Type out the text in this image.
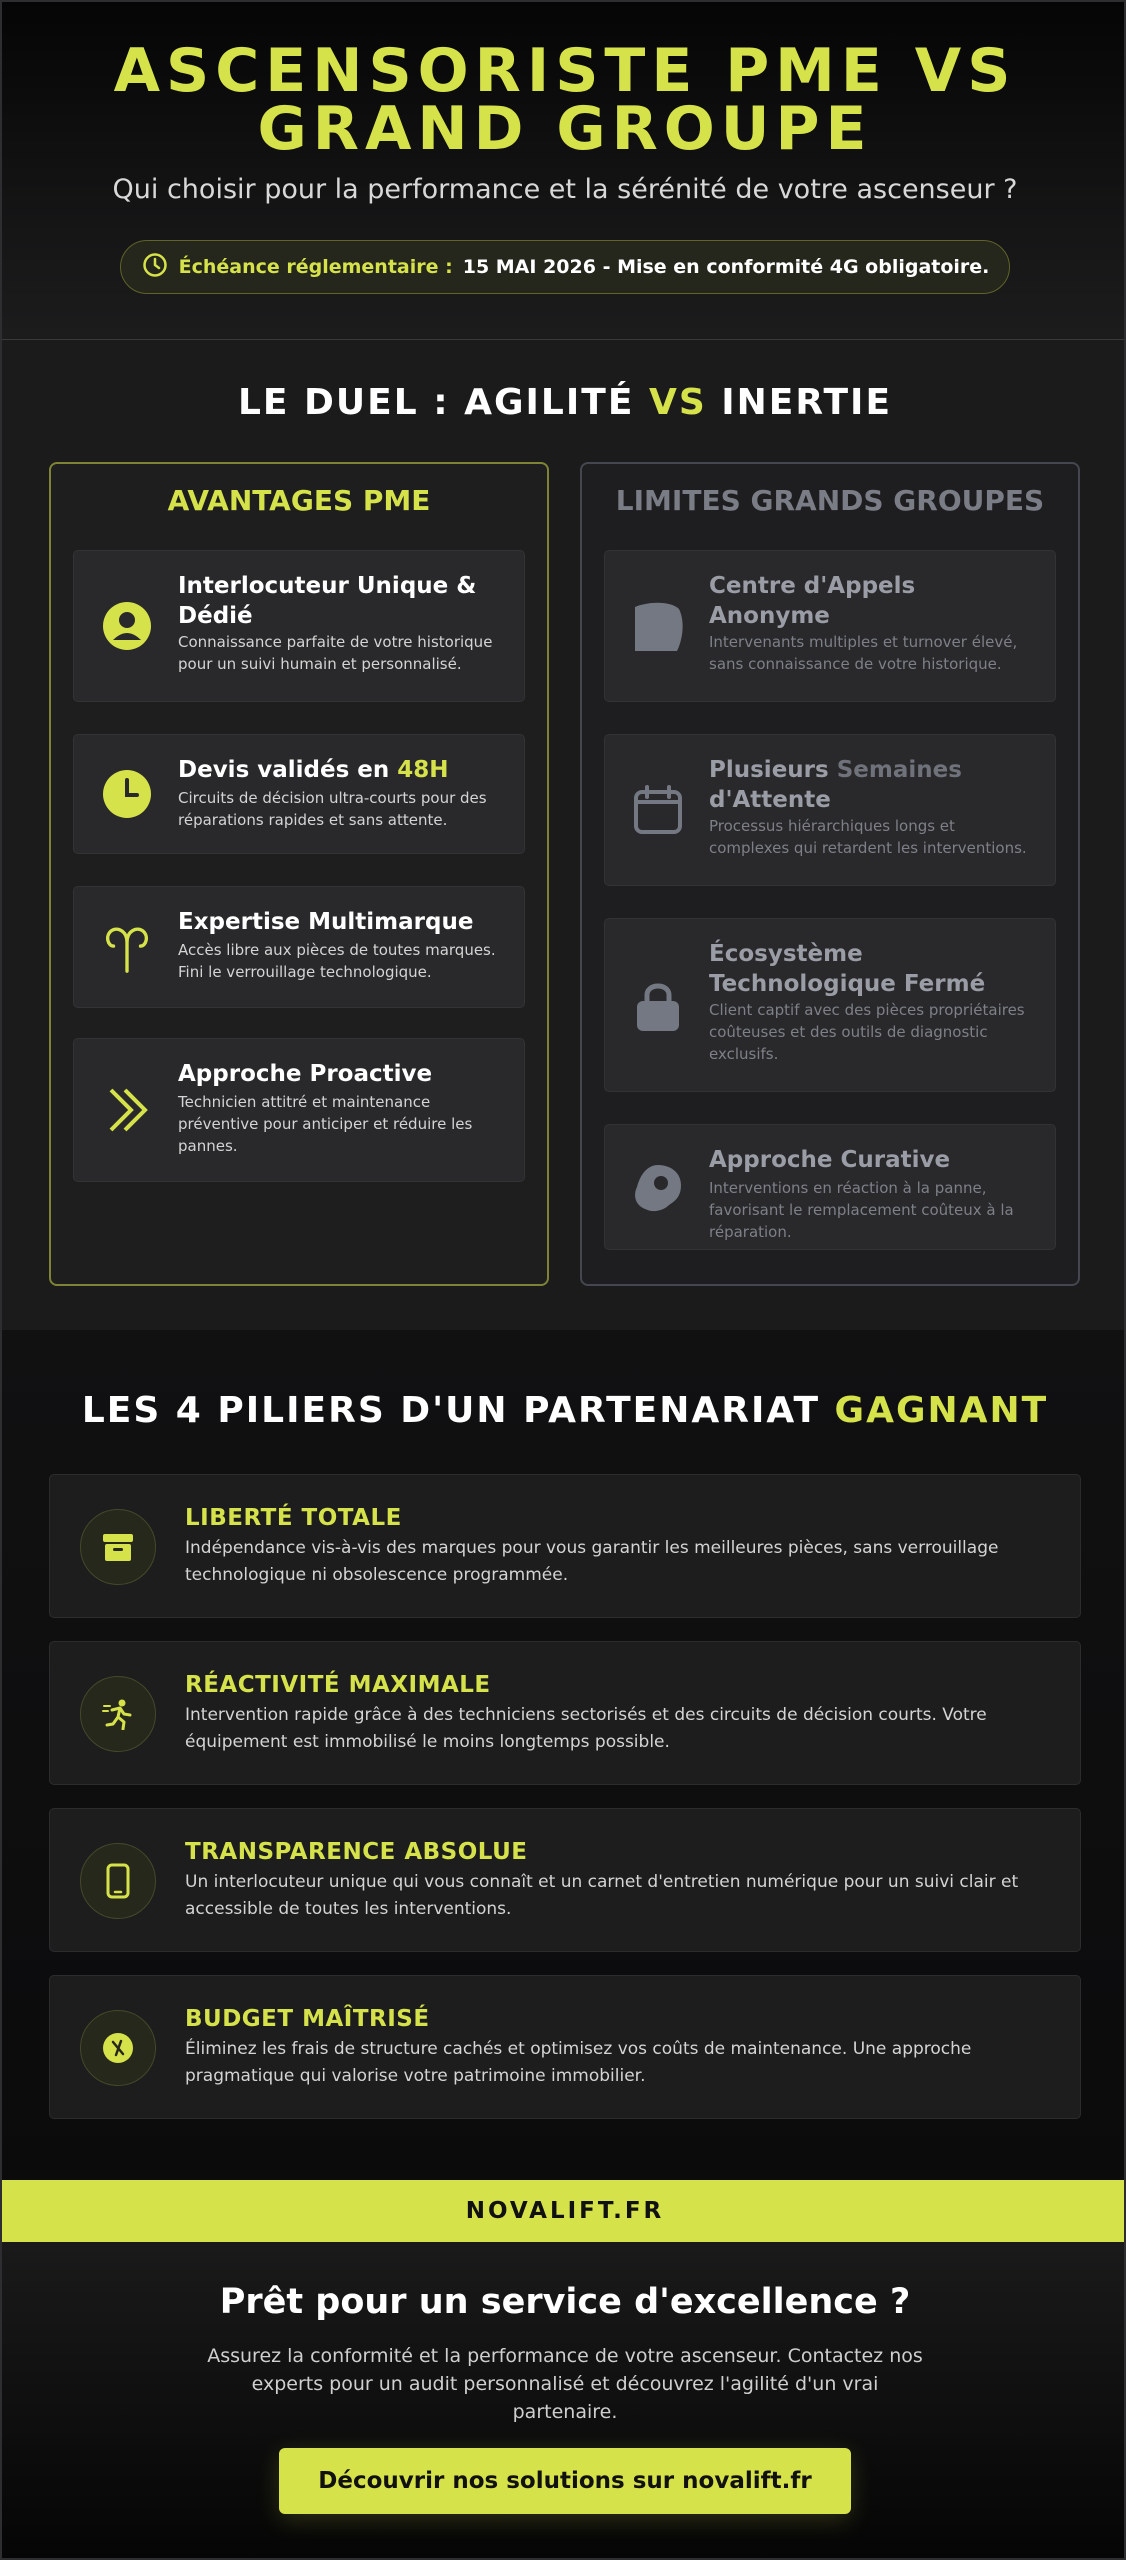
ASCENSORISTE PME VS
GRAND GROUPE

Qui choisir pour la performance et la sérénité de votre ascenseur ?

Échéance réglementaire : 15 MAI 2026 - Mise en conformité 4G obligatoire.
LE DUEL : AGILITÉ VS INERTIE
AVANTAGES PME
Interlocuteur Unique & Dédié
Connaissance parfaite de votre historique pour un suivi humain et personnalisé.
Devis validés en 48H
Circuits de décision ultra-courts pour des réparations rapides et sans attente.
Expertise Multimarque
Accès libre aux pièces de toutes marques. Fini le verrouillage technologique.
Approche Proactive
Technicien attitré et maintenance préventive pour anticiper et réduire les pannes.
LIMITES GRANDS GROUPES
Centre d'Appels Anonyme
Intervenants multiples et turnover élevé, sans connaissance de votre historique.
Plusieurs Semaines d'Attente
Processus hiérarchiques longs et complexes qui retardent les interventions.
Écosystème Technologique Fermé
Client captif avec des pièces propriétaires coûteuses et des outils de diagnostic exclusifs.
Approche Curative
Interventions en réaction à la panne, favorisant le remplacement coûteux à la réparation.
LES 4 PILIERS D'UN PARTENARIAT GAGNANT
LIBERTÉ TOTALE
Indépendance vis-à-vis des marques pour vous garantir les meilleures pièces, sans verrouillage technologique ni obsolescence programmée.
RÉACTIVITÉ MAXIMALE
Intervention rapide grâce à des techniciens sectorisés et des circuits de décision courts. Votre équipement est immobilisé le moins longtemps possible.
TRANSPARENCE ABSOLUE
Un interlocuteur unique qui vous connaît et un carnet d'entretien numérique pour un suivi clair et accessible de toutes les interventions.
BUDGET MAÎTRISÉ
Éliminez les frais de structure cachés et optimisez vos coûts de maintenance. Une approche pragmatique qui valorise votre patrimoine immobilier.
NOVALIFT.FR
Prêt pour un service d'excellence ?

Assurez la conformité et la performance de votre ascenseur. Contactez nos experts pour un audit personnalisé et découvrez l'agilité d'un vrai partenaire.

Découvrir nos solutions sur novalift.fr
